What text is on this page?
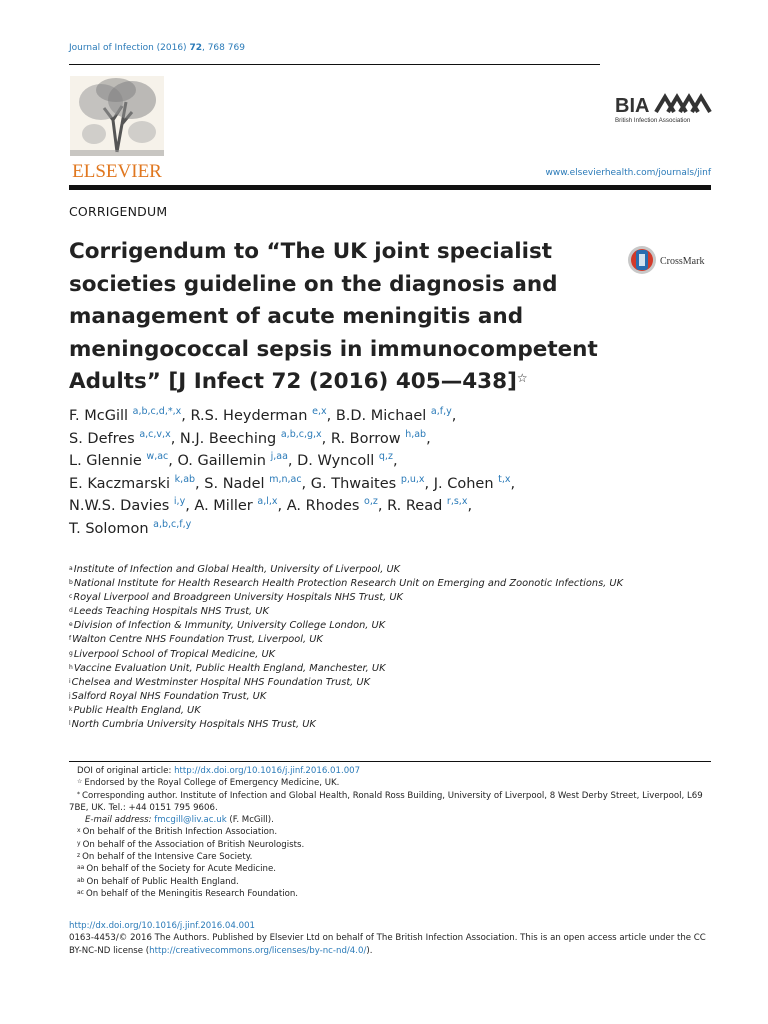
Journal of Infection (2016) 72, 768 769
ELSEVIER
BIA
British Infection Association
www.elsevierhealth.com/journals/jinf
CORRIGENDUM
Corrigendum to “The UK joint specialist societies guideline on the diagnosis and management of acute meningitis and meningococcal sepsis in immunocompetent Adults” [J Infect 72 (2016) 405—438]☆
CrossMark
F. McGill $^{a,b,c,d,*,x}$, R.S. Heyderman $^{e,x}$, B.D. Michael $^{a,f,y}$,
S. Defres $^{a,c,v,x}$, N.J. Beeching $^{a,b,c,g,x}$, R. Borrow $^{h,ab}$,
L. Glennie $^{w,ac}$, O. Gaillemin $^{j,aa}$, D. Wyncoll $^{q,z}$,
E. Kaczmarski $^{k,ab}$, S. Nadel $^{m,n,ac}$, G. Thwaites $^{p,u,x}$, J. Cohen $^{t,x}$,
N.W.S. Davies $^{i,y}$, A. Miller $^{a,l,x}$, A. Rhodes $^{o,z}$, R. Read $^{r,s,x}$,
T. Solomon $^{a,b,c,f,y}$
$^a$Institute of Infection and Global Health, University of Liverpool, UK
$^b$National Institute for Health Research Health Protection Research Unit on Emerging and Zoonotic Infections, UK
$^c$Royal Liverpool and Broadgreen University Hospitals NHS Trust, UK
$^d$Leeds Teaching Hospitals NHS Trust, UK
$^e$Division of Infection & Immunity, University College London, UK
$^f$Walton Centre NHS Foundation Trust, Liverpool, UK
$^g$Liverpool School of Tropical Medicine, UK
$^h$Vaccine Evaluation Unit, Public Health England, Manchester, UK
$^i$Chelsea and Westminster Hospital NHS Foundation Trust, UK
$^j$Salford Royal NHS Foundation Trust, UK
$^k$Public Health England, UK
$^l$North Cumbria University Hospitals NHS Trust, UK
DOI of original article: http://dx.doi.org/10.1016/j.jinf.2016.01.007
☆ Endorsed by the Royal College of Emergency Medicine, UK.
* Corresponding author. Institute of Infection and Global Health, Ronald Ross Building, University of Liverpool, 8 West Derby Street, Liverpool, L69 7BE, UK. Tel.: +44 0151 795 9606.
E-mail address: fmcgill@liv.ac.uk (F. McGill).
$^x$ On behalf of the British Infection Association.
$^y$ On behalf of the Association of British Neurologists.
$^z$ On behalf of the Intensive Care Society.
$^{aa}$ On behalf of the Society for Acute Medicine.
$^{ab}$ On behalf of Public Health England.
$^{ac}$ On behalf of the Meningitis Research Foundation.
http://dx.doi.org/10.1016/j.jinf.2016.04.001
0163-4453/© 2016 The Authors. Published by Elsevier Ltd on behalf of The British Infection Association. This is an open access article under the CC BY-NC-ND license (http://creativecommons.org/licenses/by-nc-nd/4.0/).
